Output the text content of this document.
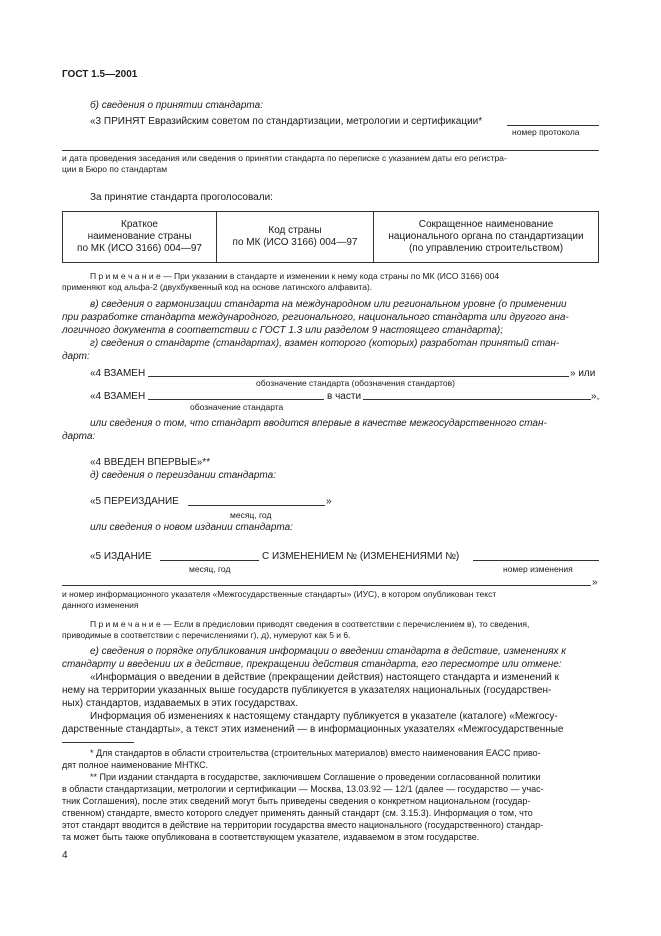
ГОСТ 1.5—2001
б) сведения о принятии стандарта:
«3 ПРИНЯТ Евразийским советом по стандартизации, метрологии и сертификации*
номер протокола
и дата проведения заседания или сведения о принятии стандарта по переписке с указанием даты его регистра-
ции в Бюро по стандартам
За принятие стандарта проголосовали:
Краткое
наименование страны
по МК (ИСО 3166) 004—97

Код страны
по МК (ИСО 3166) 004—97

Сокращенное наименование
национального органа по стандартизации
(по управлению строительством)
П р и м е ч а н и е — При указании в стандарте и изменении к нему кода страны по МК (ИСО 3166) 004
применяют код альфа-2 (двухбуквенный код на основе латинского алфавита).
в) сведения о гармонизации стандарта на международном или региональном уровне (о применении
при разработке стандарта международного, регионального, национального стандарта или другого ана-
логичного документа в соответствии с ГОСТ 1.3 или разделом 9 настоящего стандарта);
г) сведения о стандарте (стандартах), взамен которого (которых) разработан принятый стан-
дарт:
«4 ВЗАМЕН	» или
обозначение стандарта (обозначения стандартов)
«4 ВЗАМЕН	в части	»,
обозначение стандарта
или сведения о том, что стандарт вводится впервые в качестве межгосударственного стан-
дарта:
«4 ВВЕДЕН ВПЕРВЫЕ»**
д) сведения о переиздании стандарта:
«5 ПЕРЕИЗДАНИЕ	»
месяц, год
или сведения о новом издании стандарта:
«5 ИЗДАНИЕ	С ИЗМЕНЕНИЕМ № (ИЗМЕНЕНИЯМИ №)
месяц, год	номер изменения
»
и номер информационного указателя «Межгосударственные стандарты» (ИУС), в котором опубликован текст
данного изменения
П р и м е ч а н и е — Если в предисловии приводят сведения в соответствии с перечислением в), то сведения,
приводимые в соответствии с перечислениями г), д), нумеруют как 5 и 6.
е) сведения о порядке опубликования информации о введении стандарта в действие, изменениях к
стандарту и введении их в действие, прекращении действия стандарта, его пересмотре или отмене:
«Информация о введении в действие (прекращении действия) настоящего стандарта и изменений к
нему на территории указанных выше государств публикуется в указателях национальных (государствен-
ных) стандартов, издаваемых в этих государствах.
Информация об изменениях к настоящему стандарту публикуется в указателе (каталоге) «Межгосу-
дарственные стандарты», а текст этих изменений — в информационных указателях «Межгосударственные
* Для стандартов в области строительства (строительных материалов) вместо наименования ЕАСС приво-
дят полное наименование МНТКС.
** При издании стандарта в государстве, заключившем Соглашение о проведении согласованной политики
в области стандартизации, метрологии и сертификации — Москва, 13.03.92 — 12/1 (далее — государство — учас-
тник Соглашения), после этих сведений могут быть приведены сведения о конкретном национальном (государ-
ственном) стандарте, вместо которого следует применять данный стандарт (см. 3.15.3). Информация о том, что
этот стандарт вводится в действие на территории государства вместо национального (государственного) стандар-
та может быть также опубликована в соответствующем указателе, издаваемом в этом государстве.
4
